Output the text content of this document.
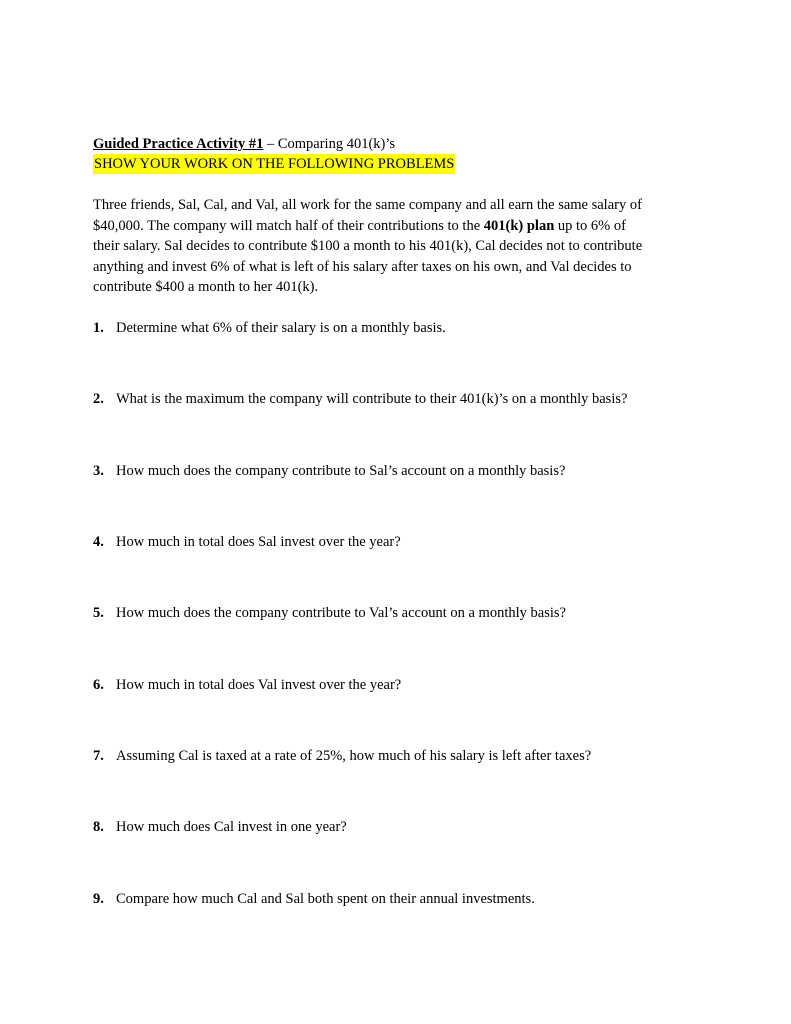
Guided Practice Activity #1 – Comparing 401(k)’s
SHOW YOUR WORK ON THE FOLLOWING PROBLEMS
Three friends, Sal, Cal, and Val, all work for the same company and all earn the same salary of
$40,000. The company will match half of their contributions to the 401(k) plan up to 6% of
their salary. Sal decides to contribute $100 a month to his 401(k), Cal decides not to contribute
anything and invest 6% of what is left of his salary after taxes on his own, and Val decides to
contribute $400 a month to her 401(k).
1. Determine what 6% of their salary is on a monthly basis.
2. What is the maximum the company will contribute to their 401(k)’s on a monthly basis?
3. How much does the company contribute to Sal’s account on a monthly basis?
4. How much in total does Sal invest over the year?
5. How much does the company contribute to Val’s account on a monthly basis?
6. How much in total does Val invest over the year?
7. Assuming Cal is taxed at a rate of 25%, how much of his salary is left after taxes?
8. How much does Cal invest in one year?
9. Compare how much Cal and Sal both spent on their annual investments.
